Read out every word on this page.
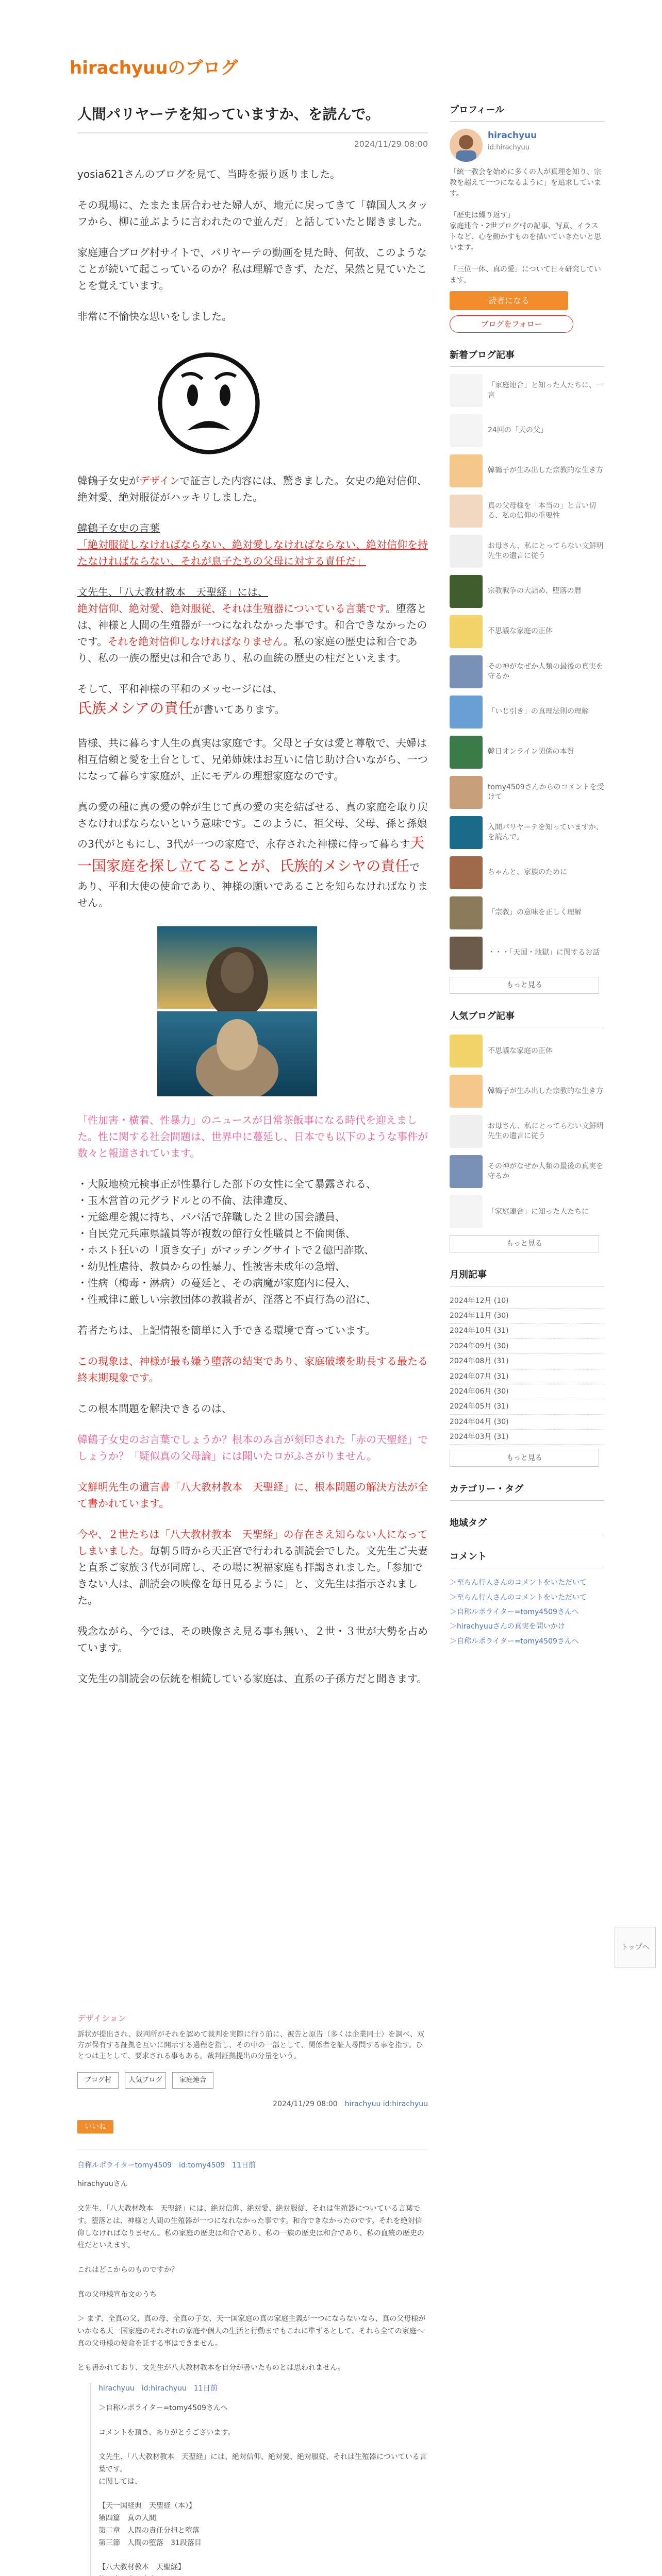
hirachyuuのブログ
人間パリヤーテを知っていますか、を読んで。
2024/11/29 08:00
yosia621さんのブログを見て、当時を振り返りました。
その現場に、たまたま居合わせた婦人が、地元に戻ってきて「韓国人スタッフから、柳に並ぶように言われたので並んだ」と話していたと聞きました。
家庭連合ブログ村サイトで、パリヤーテの動画を見た時、何故、このようなことが続いて起こっているのか？私は理解できず、ただ、呆然と見ていたことを覚えています。
非常に不愉快な思いをしました。
韓鶴子女史がデザインで証言した内容には、驚きました。女史の絶対信仰、絶対愛、絶対服従がハッキリしました。
韓鶴子女史の言葉
「絶対服従しなければならない、絶対愛しなければならない、絶対信仰を持たなければならない、それが息子たちの父母に対する責任だ」
文先生、「八大教材教本　天聖経」には、
絶対信仰、絶対愛、絶対服従、それは生殖器についている言葉です。堕落とは、神様と人間の生殖器が一つになれなかった事です。和合できなかったのです。それを絶対信仰しなければなりません。私の家庭の歴史は和合であり、私の一族の歴史は和合であり、私の血統の歴史の柱だといえます。
そして、平和神様の平和のメッセージには、
氏族メシアの責任が書いてあります。
皆様、共に暮らす人生の真実は家庭です。父母と子女は愛と尊敬で、夫婦は相互信頼と愛を土台として、兄弟姉妹はお互いに信じ助け合いながら、一つになって暮らす家庭が、正にモデルの理想家庭なのです。
真の愛の種に真の愛の幹が生じて真の愛の実を結ばせる、真の家庭を取り戻さなければならないという意味です。このように、祖父母、父母、孫と孫娘の3代がともにし、3代が一つの家庭で、永存された神様に侍って暮らす天一国家庭を探し立てることが、氏族的メシヤの責任であり、平和大使の使命であり、神様の願いであることを知らなければなりません。
「性加害・横着、性暴力」のニュースが日常茶飯事になる時代を迎えました。性に関する社会問題は、世界中に蔓延し、日本でも以下のような事件が数々と報道されています。
・大阪地検元検事正が性暴行した部下の女性に全て暴露される、
・玉木営首の元グラドルとの不倫、法律違反、
・元総理を親に持ち、パパ活で辞職した２世の国会議員、
・自民党元兵庫県議員等が複数の館行女性職員と不倫関係、
・ホスト狂いの「頂き女子」がマッチングサイトで２億円詐欺、
・幼児性虐待、教員からの性暴力、性被害未成年の急増、
・性病（梅毒・淋病）の蔓延と、その病魔が家庭内に侵入、
・性戒律に厳しい宗教団体の教職者が、淫落と不貞行為の沼に、
若者たちは、上記情報を簡単に入手できる環境で育っています。
この現象は、神様が最も嫌う堕落の結実であり、家庭破壊を助長する最たる終末期現象です。
この根本問題を解決できるのは、
韓鶴子女史のお言葉でしょうか？根本のみ言が刻印された「赤の天聖経」でしょうか？「疑似真の父母論」には聞いたロがふさがりません。
文鮮明先生の遺言書「八大教材教本　天聖経」に、根本問題の解決方法が全て書かれています。
今や、２世たちは「八大教材教本　天聖経」の存在さえ知らない人になってしまいました。毎朝５時から天正宮で行われる訓読会でした。文先生ご夫妻と直系ご家族３代が同席し、その場に祝福家庭も拝謁されました。「参加できない人は、訓読会の映像を毎日見るように」と、文先生は指示されました。
残念ながら、今では、その映像さえ見る事も無い、２世・３世が大勢を占めています。
文先生の訓読会の伝統を相続している家庭は、直系の子孫方だと聞きます。
デザイション
訴状が提出され、裁判所がそれを認めて裁判を実際に行う前に、被告と原告（多くは企業同士）を調べ、双方が保有する証拠を互いに開示する過程を指し、その中の一部として、関係者を証人尋問する事を指す。ひとつは主として、要求される事もある。裁判証拠提出の分量をいう。
ブログ村	人気ブログ	家庭連合
2024/11/29 08:00　 hirachyuu id:hirachyuu
いいね
自称ルポライターtomy4509　id:tomy4509　11日前
hirachyuuさん

文先生、「八大教材教本　天聖経」には、絶対信仰、絶対愛、絶対服従、それは生殖器についている言葉です。堕落とは、神様と人間の生殖器が一つになれなかった事です。和合できなかったのです。それを絶対信仰しなければなりません。私の家庭の歴史は和合であり、私の一族の歴史は和合であり、私の血統の歴史の柱だといえます。

これはどこからのものですか？

真の父母様宣布文のうち

＞ まず、全真の父、真の母、全真の子女、天一国家庭の真の家庭主義が一つにならないなら、真の父母様がいかなる天一国家庭のそれぞれの家庭や個人の生活と行動までもこれに準ずるとして、それら全ての家庭へ真の父母様の使命を託する事はできません。

とも書かれており、文先生が八大教材教本を自分が書いたものとは思われません。
hirachyuu　id:hirachyuu　11日前
＞自称ルポライター=tomy4509さんへ

コメントを頂き、ありがとうございます。

文先生、「八大教材教本　天聖経」には、絶対信仰、絶対愛、絶対服従、それは生殖器についている言葉です。
に関しては、

【天一国経典　天聖経（本）】
第四篇　真の人間
第二章　人間の責任分担と堕落
第三節　人間の堕落　31段落目

【八大教材教本　天聖経】

プロフィール
hirachyuu
id:hirachyuu
「統一教会を始めに多くの人が真理を知り、宗教を超えて一つになるように」を追求しています。

「歴史は繰り返す」
家庭連合・2世ブログ村の記事、写真、イラストなど、心を動かすものを描いていきたいと思います。

「三位一体、真の愛」について日々研究しています。
読者になる
ブログをフォロー
新着ブログ記事
「家庭連合」と知った人たちに、一言
24回の「天の父」
韓鶴子が生み出した宗教的な生き方
真の父母様を「本当の」と言い切る、私の信仰の重要性
お母さん、私にとってらない文鮮明先生の遺言に従う
宗教戦争の大詰め、堕落の暦
不思議な家庭の正体
その神がなぜか人類の最後の真実を守るか
「いじ引き」の真理法則の理解
韓日オンライン関係の本質
tomy4509さんからのコメントを受けて
入間パリヤーテを知っていますか、を読んで。
ちゃんと、家族のために
「宗教」の意味を正しく理解
・・・「天国・地獄」に関するお話
もっと見る
人気ブログ記事
不思議な家庭の正体
韓鶴子が生み出した宗教的な生き方
お母さん、私にとってらない文鮮明先生の遺言に従う
その神がなぜか人類の最後の真実を守るか
「家庭連合」に知った人たちに
もっと見る
月別記事
2024年12月 (10)
2024年11月 (30)
2024年10月 (31)
2024年09月 (30)
2024年08月 (31)
2024年07月 (31)
2024年06月 (30)
2024年05月 (31)
2024年04月 (30)
2024年03月 (31)
もっと見る
カテゴリー・タグ
地域タグ
コメント
＞至らん行人さんのコメントをいただいて
＞至らん行人さんのコメントをいただいて
＞自称ルポライター=tomy4509さんへ
＞hirachyuuさんの真実を問いかけ
＞自称ルポライター=tomy4509さんへ
トップへ
